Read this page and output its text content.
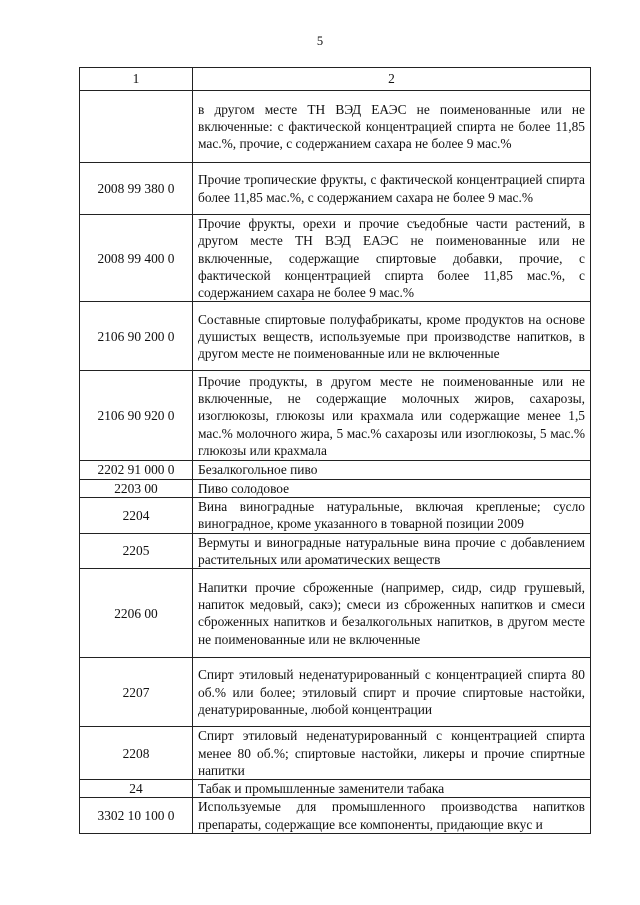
5
1	2
	в другом месте ТН ВЭД ЕАЭС не поименованные или не включенные: с фактической концентрацией спирта не более 11,85 мас.%, прочие, с содержанием сахара не более 9 мас.%
2008 99 380 0	Прочие тропические фрукты, с фактической концентрацией спирта более 11,85 мас.%, с содержанием сахара не более 9 мас.%
2008 99 400 0	Прочие фрукты, орехи и прочие съедобные части растений, в другом месте ТН ВЭД ЕАЭС не поименованные или не включенные, содержащие спиртовые добавки, прочие, с фактической концентрацией спирта более 11,85 мас.%, с содержанием сахара не более 9 мас.%
2106 90 200 0	Составные спиртовые полуфабрикаты, кроме продуктов на основе душистых веществ, используемые при производстве напитков, в другом месте не поименованные или не включенные
2106 90 920 0	Прочие продукты, в другом месте не поименованные или не включенные, не содержащие молочных жиров, сахарозы, изоглюкозы, глюкозы или крахмала или содержащие менее 1,5 мас.% молочного жира, 5 мас.% сахарозы или изоглюкозы, 5 мас.% глюкозы или крахмала
2202 91 000 0	Безалкогольное пиво
2203 00	Пиво солодовое
2204	Вина виноградные натуральные, включая крепленые; сусло виноградное, кроме указанного в товарной позиции 2009
2205	Вермуты и виноградные натуральные вина прочие с добавлением растительных или ароматических веществ
2206 00	Напитки прочие сброженные (например, сидр, сидр грушевый, напиток медовый, сакэ); смеси из сброженных напитков и смеси сброженных напитков и безалкогольных напитков, в другом месте не поименованные или не включенные
2207	Спирт этиловый неденатурированный с концентрацией спирта 80 об.% или более; этиловый спирт и прочие спиртовые настойки, денатурированные, любой концентрации
2208	Спирт этиловый неденатурированный с концентрацией спирта менее 80 об.%; спиртовые настойки, ликеры и прочие спиртные напитки
24	Табак и промышленные заменители табака
3302 10 100 0	Используемые для промышленного производства напитков препараты, содержащие все компоненты, придающие вкус и
